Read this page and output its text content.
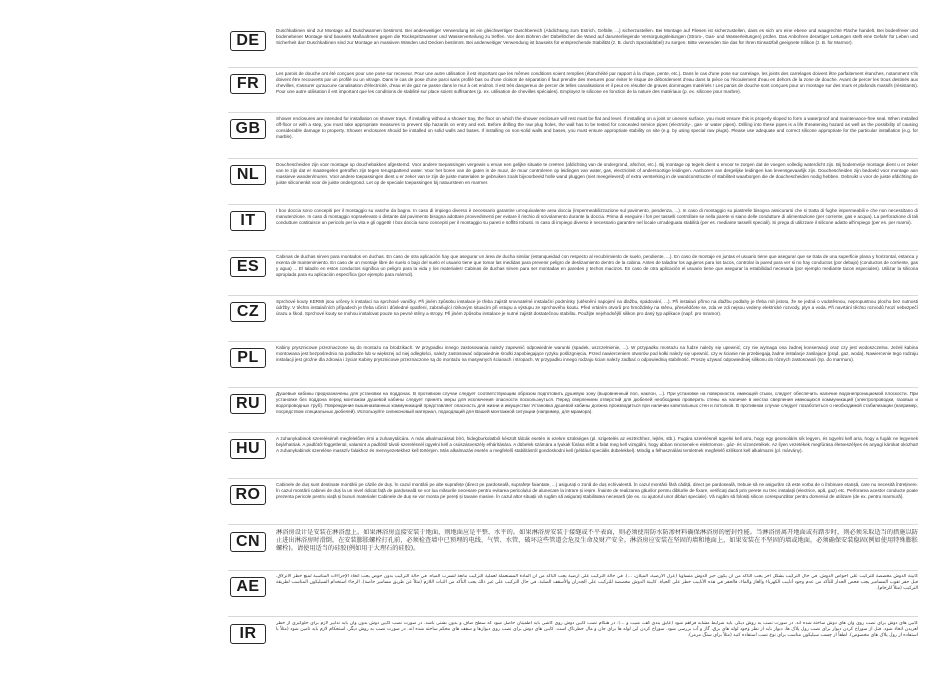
DE
Duschkabinen sind zur Montage auf Duschwannen bestimmt. Bei anderweitiger Verwendung ist ein gleichwertiger Duschbereich (Abdichtung zum Estrich, Gefälle, ...) sicherzustellen. Bei Montage auf Fliesen ist sicherzustellen, dass es sich um eine ebene und waagrechte Fläche handelt. Bei bodenfreier und bodenebener Montage sind bauseits Maßnahmen gegen die Rückspritzwasser und Wasserverteilung zu treffen. Vor dem Bohren der Dübellöcher die Wand auf darunterliegende Versorgungsleitungen (Strom-, Gas- und Wasserleitungen) prüfen. Das Anbohren derartiger Leitungen stellt eine Gefahr für Leben und Sicherheit dar! Duschkabinen sind zur Montage an massiven Wänden und Decken bestimmt. Bei anderweitiger Verwendung ist bauseits für entsprechende Stabilität (z. B. durch Spezialdübel) zu sorgen. Bitte verwenden Sie das für Ihren Einsatzfall geeignete Silikon (z. B. für Marmor).
FR
Les parois de douche ont été conçues pour une pose sur receveur. Pour une autre utilisation il est important que les mêmes conditions soient remplies (étanchéité par rapport à la chape, pente, etc.). Dans le cas d'une pose sur carrelage, les joints des carrelages doivent être parfaitement étanches, notamment s'ils doivent être recouverts par un profilé ou un vitrage. Dans le cas de pose d'une paroi sans profilé bas ou d'une cloison de séparation il faut prendre des mesures pour éviter le risque de débordement d'eau dans la pièce ou l'écoulement d'eau en dehors de la zone de douche. Avant de percer les trous destinés aux chevilles, s'assurer qu'aucune canalisation d'électricité, d'eau et de gaz ne passe dans le mur à cet endroit. Il est très dangereux de percer de telles canalisations et il peut en résulter de graves dommages matériels ! Les parois de douche sont conçues pour un montage sur des murs et plafonds massifs (résistants). Pour une autre utilisation il est important que les conditions de stabilité sur place soient suffisantes (p. ex. utilisation de chevilles spéciales). Employez le silicone en fonction de la nature des matériaux (p. ex. silicone pour marbre).
GB
Shower enclosures are intended for installation on shower trays. If installing without a shower tray, the floor on which the shower enclosure will rest must be flat and level. If installing on a joint or uneven surface, you must ensure this is properly sloped to form a waterproof and maintenance-free seal. When installed off-floor or with a step, you must take appropriate measures to prevent slip hazards on entry and exit. Before drilling the raw plug holes, the wall has to be tested for concealed service pipes (electricity-, gas- or water pipes). Drilling into these pipes is a life threatening hazard as well as the possibility of causing considerable damage to property. Shower enclosures should be installed on solid walls and bases. If installing on non-solid walls and bases, you must ensure appropriate stability on site (e.g. by using special raw plugs). Please use adequate and correct silicone appropriate for the particular installation (e.g. for marble).
NL
Douchescheiden zijn voor montage op douchebakken afgestemd. Voor andere toepassingen vergewis u ervan een gelijke situatie te creëren (afdichting van de ondergrond, afschot, etc.). Bij montage op tegels dient u ervoor te zorgen dat de voegen volledig waterdicht zijn. Bij bodemvrije montage dient u er zeker van te zijn dat er maatregelen getroffen zijn tegen terugspattend water. Voor het boren van de gaten in de muur, de muur controleren op leidingen van water, gas, electriciteit of andersoortige leidingen. Aanboren van dergelijke leidingen kan levensgevaarlijk zijn. Douchescheiden zijn bedoeld voor montage aan massieve wanden/muren. Voor andere toepassingen dient u er zeker van te zijn de juiste materialen te gebruiken zoals bijvoorbeeld holle wand pluggen (niet meegeleverd) of extra versterking in de wandconstructie of stabiliteit waarborgen die de douchescheiden nodig hebben. Gebruikt u voor de juiste afdichting de juiste siliconenkit voor de juiste ondergrond. Let op de speciale toepassingen bij natuursteen en marmer.
IT
I box doccia sono concepiti per il montaggio su vasche da bagno. In caso di impiego diverso è necessario garantire un'equivalente area doccia (impermeabilizzazione sul pavimento, pendenza, ...). In caso di montaggio su piastrelle bisogna assicurarsi che si tratta di fughe impermeabili e che non necessitano di manutenzione. In caso di montaggio sopraelevato o distante dal pavimento bisogna adottare provvedimenti per evitare il rischio di scivolamento durante la doccia. Prima di eseguire i fori per tasselli controllare se nella parete vi siano delle condutture di alimentazione (per corrente, gas e acqua). La perforazione di tali condutture costituisce un pericolo per la vita e gli oggetti! I box doccia sono concepiti per il montaggio su pareti e soffitti robusti. In caso di impiego diverso è necessario garantire nel locale un'adeguata stabilità (per es. mediante tasselli speciali). Si prega di utilizzare il silicone adatto all'impiego (per es. per marmi).
ES
Cabinas de duchas sirven para montados en duchas. En caso de otra aplicación hay que asegurar un área de ducha similar (estanqueidad con respecto al recubrimiento de suelo, pendiente, ...). En caso de montaje en juntas el usuario tiene que asegurar que se trata de una superficie plana y horizontal, estanca y exenta de mantenimiento. En caso de un montaje libre de suelo o bajo del suelo el usuario tiene que tomar las medidas para prevenir peligro de deslizamiento dentro de la cabina. Antes de taladrar los agujeros para los tacos, controlar la pared para ver si no hay conductos (por debajo) (conductos de corriente, gas y agua) ... El taladro en estos conductos significa un peligro para la vida y los materiales! Cabinas de duchas sirven para ser montadas en paredes y techos macizos. En caso de otra aplicación el usuario tiene que asegurar la estabilidad necesaria (por ejemplo mediante tacos especiales). Utilizar la silicona apropiada para su aplicación específica (por ejemplo para mármol).
CZ
Sprchové kouty KERMI jsou určeny k instalaci na sprchové vaničky. Při jiném způsobu instalace je třeba zajistit srovnatelné instalační podmínky (utěsnění napojení na dlažbu, spádování, ...). Při instalaci přímo na dlažbu podlahy je třeba mít jistotu, že se jedná o vodotěsnou, nepropustnou plochu bez nutnosti údržby. V těchto instalačních případech je třeba učinit i důsledné opatření, zabraňující rizikovým situacím při vstupu a výstupu ze sprchového koutu. Před vrtáním otvorů pro hmoždinky na stěnu, přesvědčete se, zda ve zdi nejsou vedeny elektrické rozvody, plyn a voda. Při navrtání těchto rozvodů hrozí nebezpečí úrazu a škod. Sprchové kouty se mohou instalovat pouze na pevné stěny a stropy. Při jiném způsobu instalace je nutné zajistit dostatečnou stabilitu. Použijte nejvhodnější silikon pro daný typ aplikace (např. pro mramor).
PL
Kabiny prysznicowe przeznaczone są do montażu na brodzikach. W przypadku innego zastosowania należy zapewnić odpowiednie warunki (spadek, uszczelnienie, ...). W przypadku montażu na fudze należy się upewnić, czy nie wymaga ona żadnej konserwacji oraz czy jest wodoszczelna. Jeżeli kabina montowana jest bezpośrednio na podłodze lub w większej od niej odległości, należy zastosować odpowiednie środki zapobiegające ryzyku poślizgnięcia. Przed nawierceniem otworów pod kołki należy się upewnić, czy w ścianie nie przebiegają żadne instalacje zasilające (prąd, gaz, woda). Nawiercenie tego rodzaju instalacji jest groźne dla zdrowia i życia! Kabiny prysznicowe przeznaczone są do montażu na masywnych ścianach i stropach. W przypadku innego rodzaju ścian należy zadbać o odpowiednią stabilność. Proszę używać odpowiedniej silikonu do różnych zastosowań (np. do marmuru).
RU
Душевые кабины предназначены для установки на поддонах. В противном случае следует соответствующим образом подготовить душевую зону (выровненный пол, наклон, ...). При установке на поверхности, имеющей стыки, следует обеспечить наличие водонепроницаемой плоскости. При установке без поддона перед монтажом душевой кабины следует принять меры для исключения опасности поскользнуться. Перед сверлением отверстий для дюбелей необходимо проверить стены на наличие в местах сверления имеющихся коммуникаций (электропроводки, газовых и водопроводных труб). Повреждение вышеназванных коммуникаций представляет опасность для жизни и имущества! Установка душевой кабины должна производиться при наличии капитальных стен и потолков. В противном случае следует позаботиться о необходимой стабилизации (например, посредством специальных дюбелей). Используйте силиконовый материал, подходящий для Вашей монтажной ситуации (например, для мрамора).
HU
A zuhanykabinok szerelésénél megfelelően érni a zuhanytálcára. A más alkalmazással bíró, hidegburkolatból készült tálcák esetén is ezekre szükséges (pl. szigetelés az esztrichhez, lejtés, stb.). Fugára szerelésnél ügyelni kell arra, hogy egy geomoláris sík legyen, és ügyelni kell arra, hogy a fugák ne legyenek bejárhatóak. A padlótól függetlenül, valamint a padlótól távoli szerelésnél ügyelni kell a csúszásveszély elhárítására. A dübelek számára a lyukak fúrása előtt a falat meg kell vizsgálni, hogy abban nincsenek-e elektromos-, gáz- és vízvezetékek. Az ilyen vezetékek megfúrása életveszélyes és anyagi károkat okozhat! A zuhanykabinok szerelése masszív falakhoz és mennyezetekhez kell történjen. Más alkalmazás esetén a megfelelő stabilitásról gondoskodni kell (például speciális dübelekkel). Mindig a felhasználási területnek megfelelő szilikont kell alkalmazni (pl. márvány).
RO
Cabinele de duș sunt destinate montării pe căzile de duș. În cazul montării pe alte suprafețe (direct pe pardoseală, suprafețe faiantate, ...) asigurați o zonă de duș echivalentă. În cazul montării fără cădiță, direct pe pardoseală, trebuie să ne asigurăm că este vorba de o îmbinare etanșă, care nu necesită întreținere. În cazul montării cabinei de duș la un nivel ridicat față de pardoseală se vor lua măsurile necesare pentru evitarea pericolului de alunecare la intrare și ieșire. Înainte de realizarea găurilor pentru diblurile de fixare, verificați dacă prin perete nu trec instalații (electrice, apă, gaz) etc. Perforarea acestor conducte poate prezenta pericole pentru viață și bunuri materiale! Cabinele de duș se vor monta pe pereți și tavane masive. În cazul altor situații vă rugăm să asigurați stabilitatea necesară (de ex. cu ajutorul unor dibluri speciale). Vă rugăm să folosiți silicon corespunzător pentru domeniul de utilizare (de ex. pentru marmură).
CN
淋浴房设计是安装在淋浴盘上。如果淋浴房直接安装于地面，则地面应是平整、水平的。如果淋浴房安装于接缝或不平表面，则必须使用防水防渗材料确保淋浴房的密封性能。当淋浴房离开地面或有踏步时，则必须采取适当的措施以防止进出淋浴房时滑倒。在安装膨胀螺栓打孔前，必须检查墙中已预埋的电线、气管、水管，破坏这些管道会危及生命及财产安全。淋浴房应安装在坚固的墙和地面上，如果安装在不坚固的墙或地面，必须确保安装稳固(例如使用特殊膨胀螺栓)。请使用适当的硅胶(例如用于大理石的硅胶)。
AE
كابينة الدوش مخصصة للتركيب على أحواض الدوش. في حال التركيب بشكل آخر يجب التأكد من أن يكون حيز الدوش متساوياً (عزل الأرضية، الميلان، ...). في حالة التركيب على أرضية يجب التأكد من أن المادة المستعملة لعملية التركيب مانعة لتسرب المياه. في حالة التركيب بدون حوض يجب اتخاذ الإجراءات المناسبة لمنع خطر الانزلاق. قبل حفر ثقوب المسامير يجب فحص الجدار للتأكد من عدم وجود أنابيب الكهرباء والغاز والماء، فالحفر في هذه الأنابيب خطر على الحياة. كابينة الدوش مخصصة للتركيب على الجدران والأسقف الصلبة. في حال التركيب على غير ذلك يجب التأكد من الثبات اللازم (مثلاً عن طريق مسامير خاصة). الرجاء استخدام السيليكون المناسب لطريقة التركيب (مثلاً للرخام).
IR
كابين های دوش برای نصب روی وان های دوش ساخته شده اند. در صورت نصب به روش دیگر، باید شرایط مشابه فراهم شود (عایق بندی کف، شیب و ...). در هنگام نصب کابین دوش روی کاشی باید اطمینان حاصل شود که سطح صاف و بدون نشتی باشد. در صورت نصب کابین دوش بدون وان باید تدابیر لازم برای جلوگیری از خطر لغزیدن اتخاذ شود. قبل از سوراخ کردن دیوار برای نصب رول پلاک ها، دیوار باید از نظر وجود لوله های برق، گاز و آب بررسی شود. سوراخ کردن این لوله ها برای جان و مال خطرناک است. کابین های دوش برای نصب روی دیوارها و سقف های محکم ساخته شده اند. در صورت نصب به روش دیگر، استحکام لازم باید تامین شود (مثلاً با استفاده از رول پلاک های مخصوص). لطفاً از چسب سیلیکون مناسب برای نوع نصب استفاده کنید (مثلاً برای سنگ مرمر).
